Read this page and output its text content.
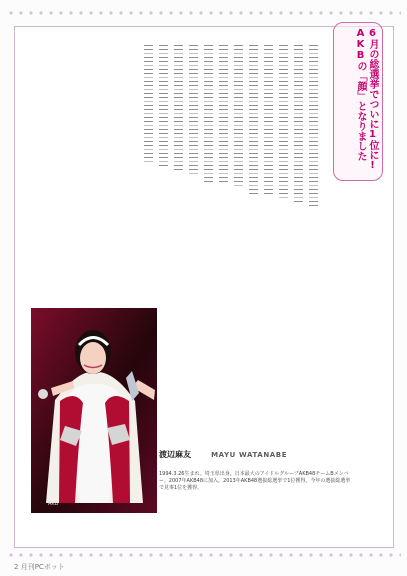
6月の総選挙でついに1位に! AKBの「顔」となりました
AKB
渡辺麻友	MAYU WATANABE
1994.3.26生まれ。埼玉県出身。日本最大のアイドルグループAKB48チームBメンバー。2007年AKB48に加入。2013年AKB48選抜総選挙で1位獲得。今年の選抜総選挙で見事1位を獲得。
2 月刊PCボット
